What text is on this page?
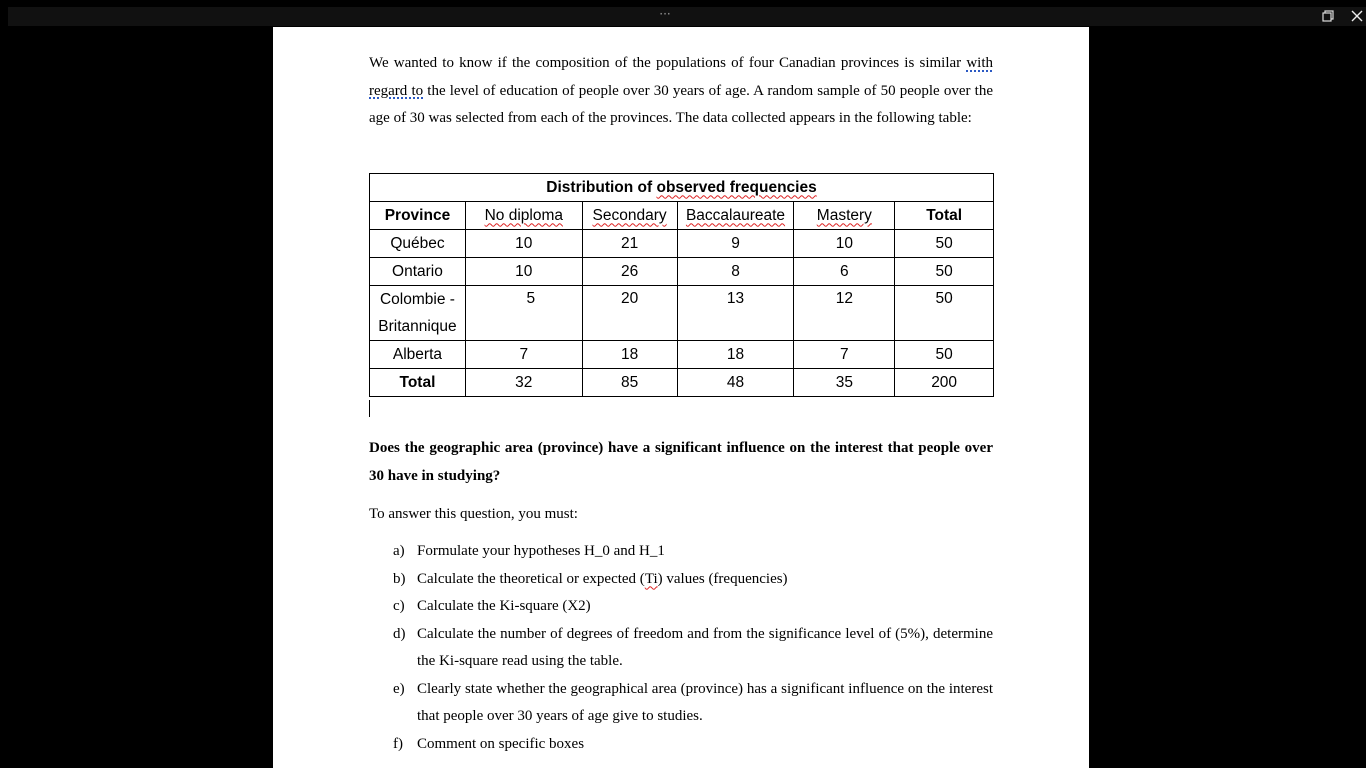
···

We wanted to know if the composition of the populations of four Canadian provinces is similar with regard to the level of education of people over 30 years of age. A random sample of 50 people over the age of 30 was selected from each of the provinces. The data collected appears in the following table:

Distribution of observed frequencies					
Province	No diploma	Secondary	Baccalaureate	Mastery	Total
Québec	10	21	9	10	50
Ontario	10	26	8	6	50
Colombie - Britannique	5	20	13	12	50
Alberta	7	18	18	7	50
Total	32	85	48	35	200

Does the geographic area (province) have a significant influence on the interest that people over 30 have in studying?

To answer this question, you must:

a) Formulate your hypotheses H_0 and H_1
b) Calculate the theoretical or expected (Ti) values (frequencies)
c) Calculate the Ki-square (X2)
d) Calculate the number of degrees of freedom and from the significance level of (5%), determine the Ki-square read using the table.
e) Clearly state whether the geographical area (province) has a significant influence on the interest that people over 30 years of age give to studies.
f) Comment on specific boxes
